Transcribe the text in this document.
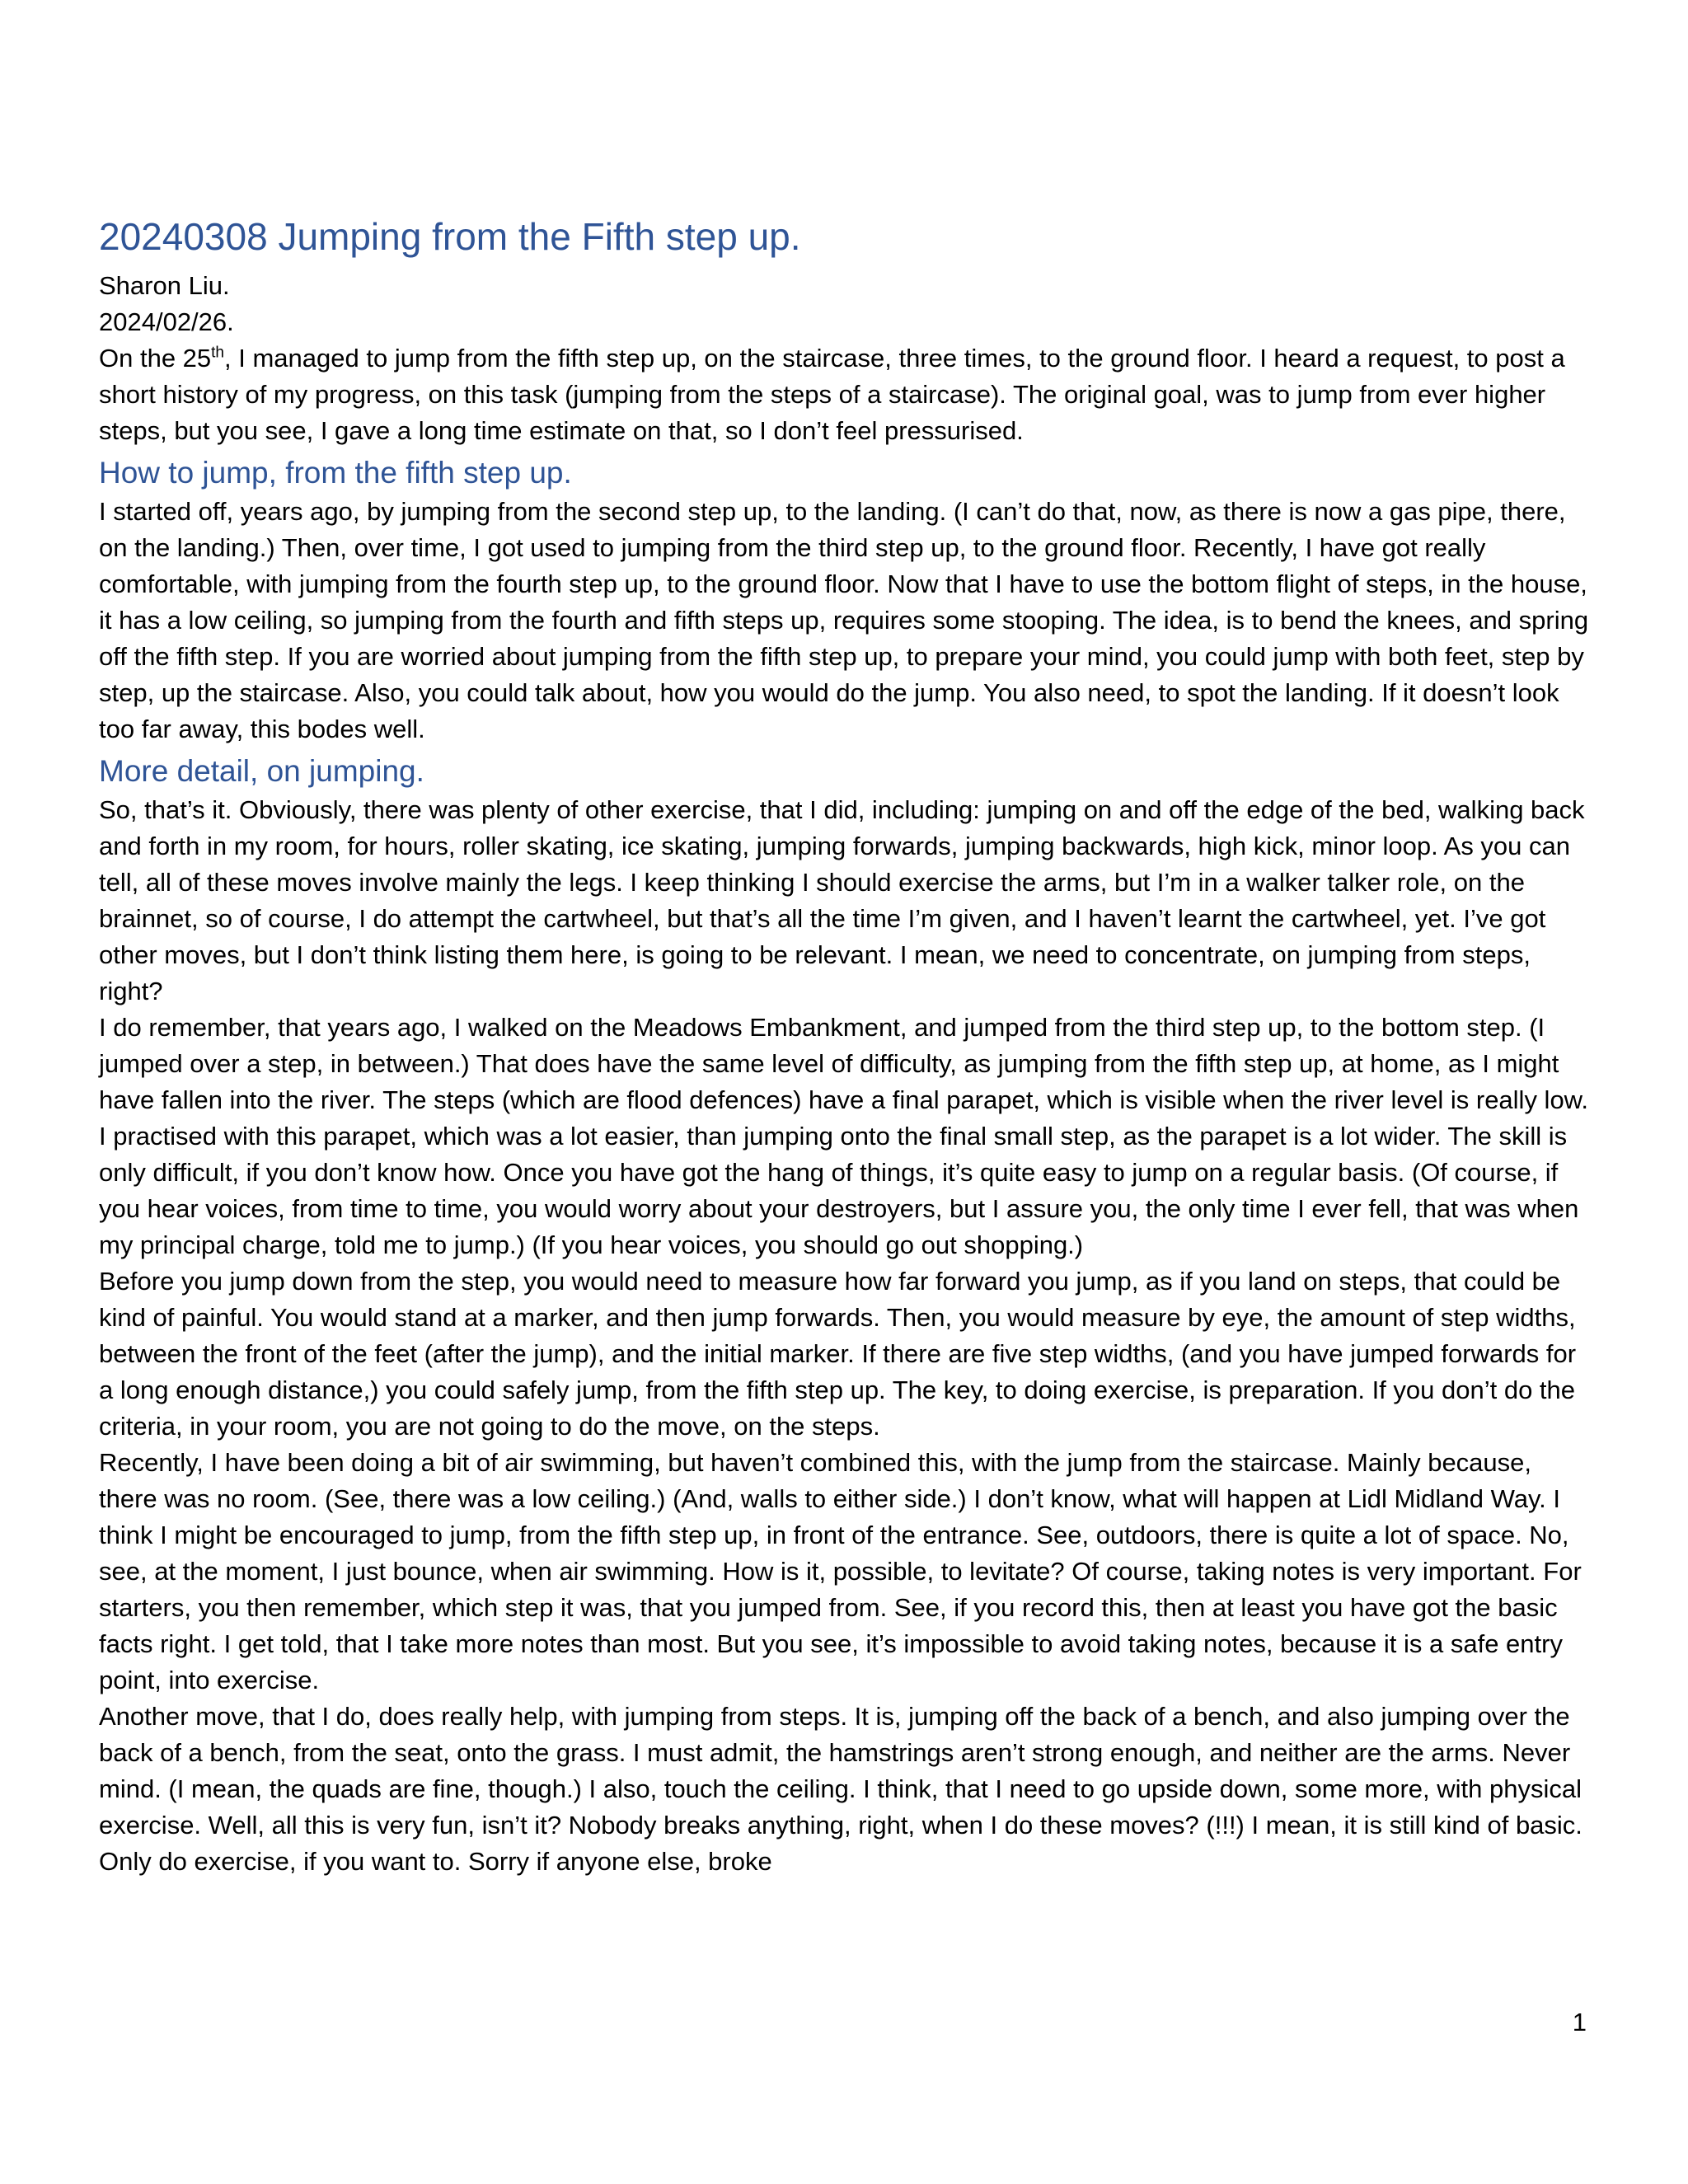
20240308 Jumping from the Fifth step up.

Sharon Liu.

2024/02/26.

On the 25th, I managed to jump from the fifth step up, on the staircase, three times, to the ground floor. I heard a request, to post a short history of my progress, on this task (jumping from the steps of a staircase). The original goal, was to jump from ever higher steps, but you see, I gave a long time estimate on that, so I don’t feel pressurised.

How to jump, from the fifth step up.

I started off, years ago, by jumping from the second step up, to the landing. (I can’t do that, now, as there is now a gas pipe, there, on the landing.) Then, over time, I got used to jumping from the third step up, to the ground floor. Recently, I have got really comfortable, with jumping from the fourth step up, to the ground floor. Now that I have to use the bottom flight of steps, in the house, it has a low ceiling, so jumping from the fourth and fifth steps up, requires some stooping. The idea, is to bend the knees, and spring off the fifth step. If you are worried about jumping from the fifth step up, to prepare your mind, you could jump with both feet, step by step, up the staircase. Also, you could talk about, how you would do the jump. You also need, to spot the landing. If it doesn’t look too far away, this bodes well.

More detail, on jumping.

So, that’s it. Obviously, there was plenty of other exercise, that I did, including: jumping on and off the edge of the bed, walking back and forth in my room, for hours, roller skating, ice skating, jumping forwards, jumping backwards, high kick, minor loop. As you can tell, all of these moves involve mainly the legs. I keep thinking I should exercise the arms, but I’m in a walker talker role, on the brainnet, so of course, I do attempt the cartwheel, but that’s all the time I’m given, and I haven’t learnt the cartwheel, yet. I’ve got other moves, but I don’t think listing them here, is going to be relevant. I mean, we need to concentrate, on jumping from steps, right?

I do remember, that years ago, I walked on the Meadows Embankment, and jumped from the third step up, to the bottom step. (I jumped over a step, in between.) That does have the same level of difficulty, as jumping from the fifth step up, at home, as I might have fallen into the river. The steps (which are flood defences) have a final parapet, which is visible when the river level is really low. I practised with this parapet, which was a lot easier, than jumping onto the final small step, as the parapet is a lot wider. The skill is only difficult, if you don’t know how. Once you have got the hang of things, it’s quite easy to jump on a regular basis. (Of course, if you hear voices, from time to time, you would worry about your destroyers, but I assure you, the only time I ever fell, that was when my principal charge, told me to jump.) (If you hear voices, you should go out shopping.)

Before you jump down from the step, you would need to measure how far forward you jump, as if you land on steps, that could be kind of painful. You would stand at a marker, and then jump forwards. Then, you would measure by eye, the amount of step widths, between the front of the feet (after the jump), and the initial marker. If there are five step widths, (and you have jumped forwards for a long enough distance,) you could safely jump, from the fifth step up. The key, to doing exercise, is preparation. If you don’t do the criteria, in your room, you are not going to do the move, on the steps.

Recently, I have been doing a bit of air swimming, but haven’t combined this, with the jump from the staircase. Mainly because, there was no room. (See, there was a low ceiling.) (And, walls to either side.) I don’t know, what will happen at Lidl Midland Way. I think I might be encouraged to jump, from the fifth step up, in front of the entrance. See, outdoors, there is quite a lot of space. No, see, at the moment, I just bounce, when air swimming. How is it, possible, to levitate? Of course, taking notes is very important. For starters, you then remember, which step it was, that you jumped from. See, if you record this, then at least you have got the basic facts right. I get told, that I take more notes than most. But you see, it’s impossible to avoid taking notes, because it is a safe entry point, into exercise.

Another move, that I do, does really help, with jumping from steps. It is, jumping off the back of a bench, and also jumping over the back of a bench, from the seat, onto the grass. I must admit, the hamstrings aren’t strong enough, and neither are the arms. Never mind. (I mean, the quads are fine, though.) I also, touch the ceiling. I think, that I need to go upside down, some more, with physical exercise. Well, all this is very fun, isn’t it? Nobody breaks anything, right, when I do these moves? (!!!) I mean, it is still kind of basic. Only do exercise, if you want to. Sorry if anyone else, broke

1
